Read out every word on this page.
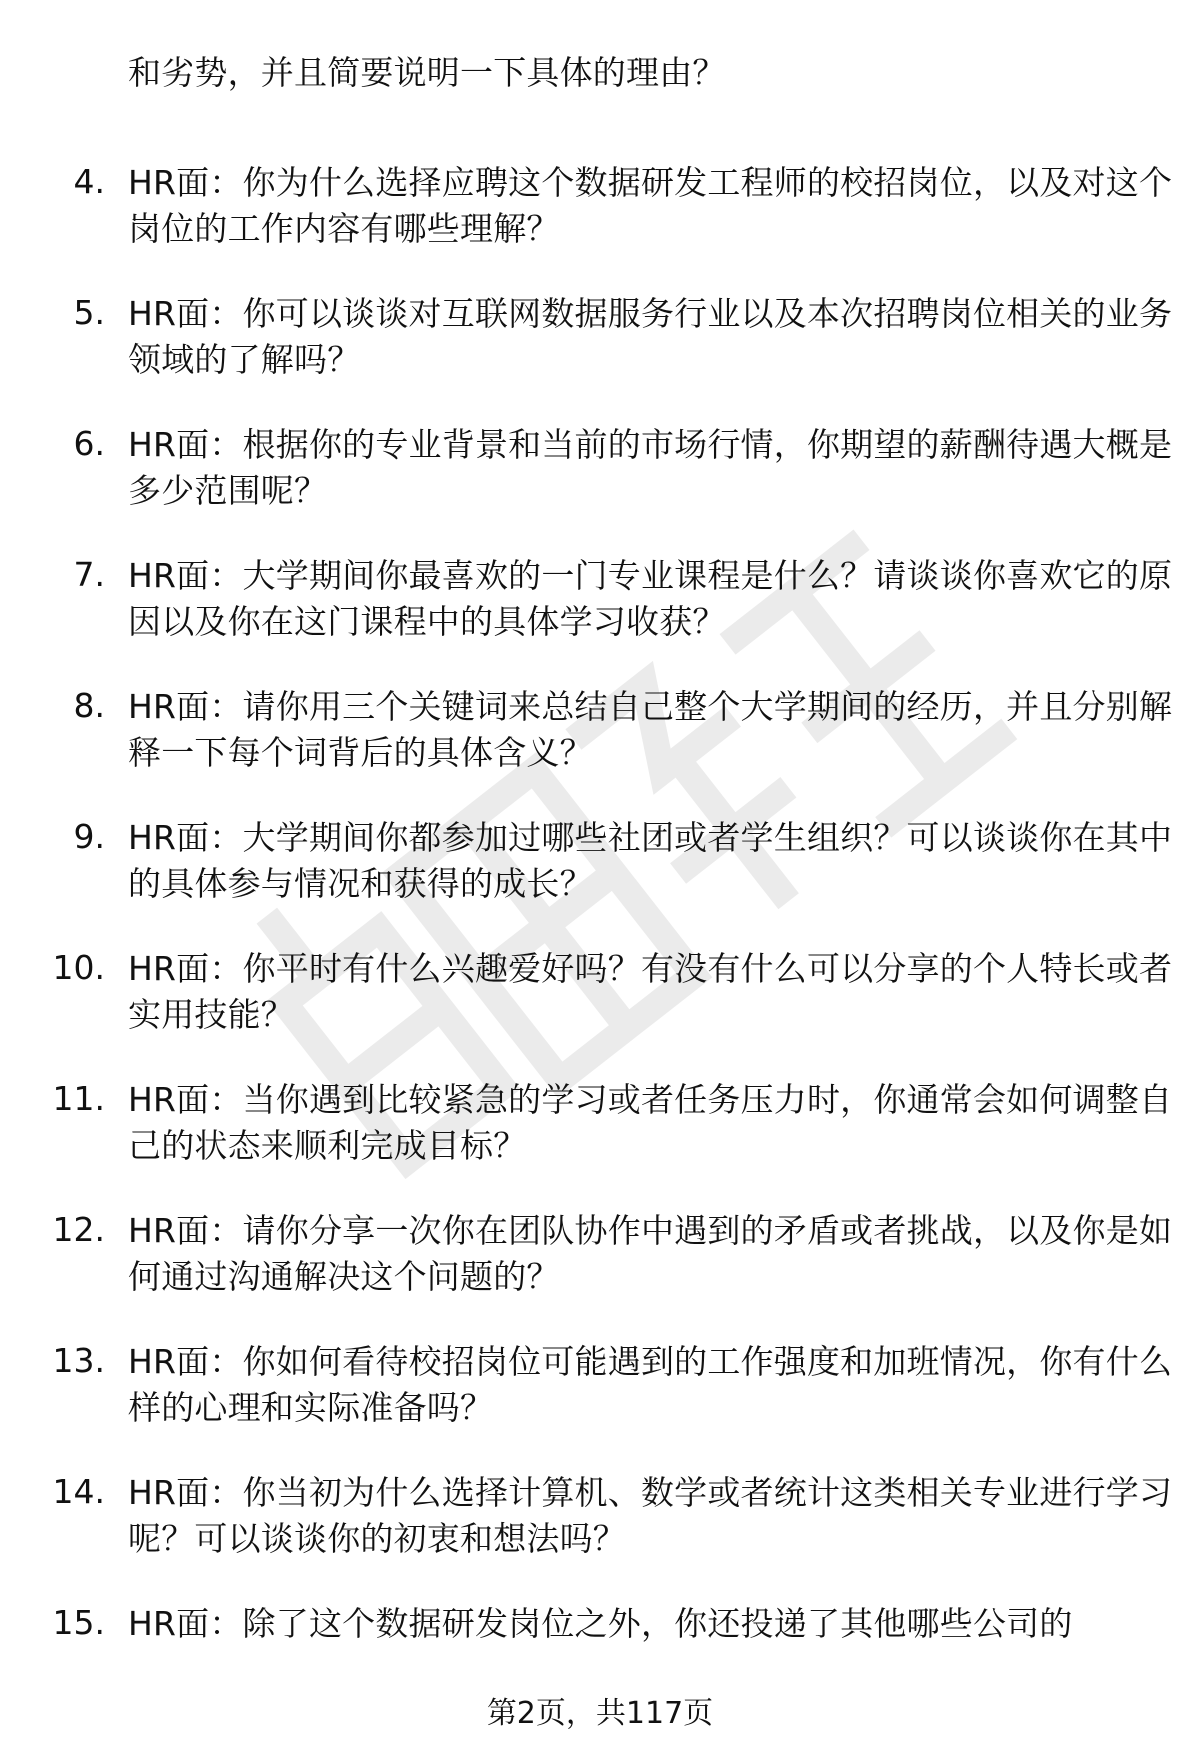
和劣势，并且简要说明一下具体的理由？
4. HR面：你为什么选择应聘这个数据研发工程师的校招岗位，以及对这个岗位的工作内容有哪些理解？
5. HR面：你可以谈谈对互联网数据服务行业以及本次招聘岗位相关的业务领域的了解吗？
6. HR面：根据你的专业背景和当前的市场行情，你期望的薪酬待遇大概是多少范围呢？
7. HR面：大学期间你最喜欢的一门专业课程是什么？请谈谈你喜欢它的原因以及你在这门课程中的具体学习收获？
8. HR面：请你用三个关键词来总结自己整个大学期间的经历，并且分别解释一下每个词背后的具体含义？
9. HR面：大学期间你都参加过哪些社团或者学生组织？可以谈谈你在其中的具体参与情况和获得的成长？
10. HR面：你平时有什么兴趣爱好吗？有没有什么可以分享的个人特长或者实用技能？
11. HR面：当你遇到比较紧急的学习或者任务压力时，你通常会如何调整自己的状态来顺利完成目标？
12. HR面：请你分享一次你在团队协作中遇到的矛盾或者挑战，以及你是如何通过沟通解决这个问题的？
13. HR面：你如何看待校招岗位可能遇到的工作强度和加班情况，你有什么样的心理和实际准备吗？
14. HR面：你当初为什么选择计算机、数学或者统计这类相关专业进行学习呢？可以谈谈你的初衷和想法吗？
15. HR面：除了这个数据研发岗位之外，你还投递了其他哪些公司的
第2页，共117页
